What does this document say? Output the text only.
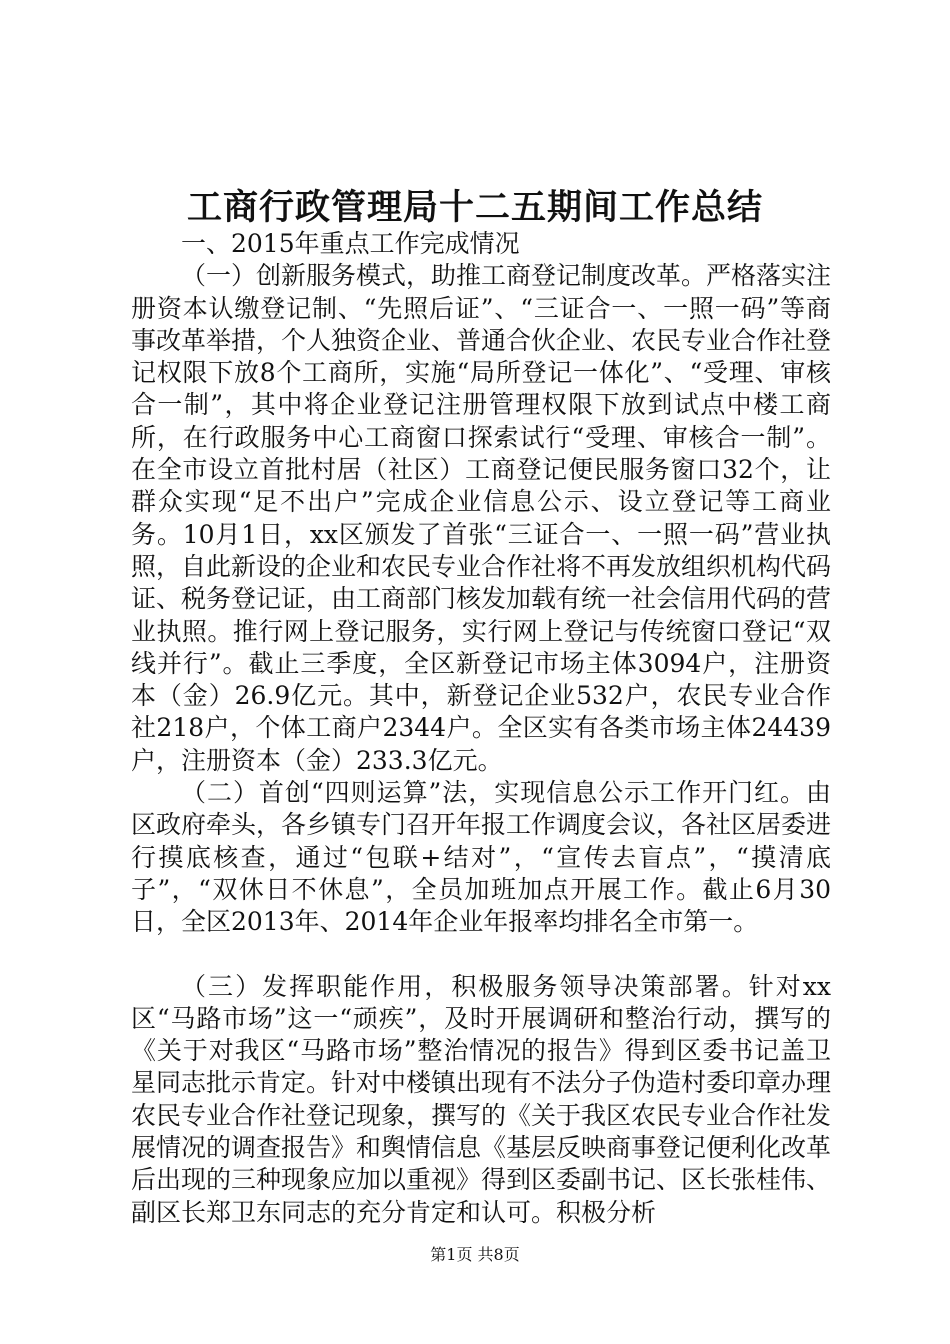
工商行政管理局十二五期间工作总结

一、2015年重点工作完成情况

（一）创新服务模式，助推工商登记制度改革。严格落实注册资本认缴登记制、“先照后证”、“三证合一、一照一码”等商事改革举措，个人独资企业、普通合伙企业、农民专业合作社登记权限下放8个工商所，实施“局所登记一体化”、“受理、审核合一制”，其中将企业登记注册管理权限下放到试点中楼工商所，在行政服务中心工商窗口探索试行“受理、审核合一制”。在全市设立首批村居（社区）工商登记便民服务窗口32个，让群众实现“足不出户”完成企业信息公示、设立登记等工商业务。10月1日，xx区颁发了首张“三证合一、一照一码”营业执照，自此新设的企业和农民专业合作社将不再发放组织机构代码证、税务登记证，由工商部门核发加载有统一社会信用代码的营业执照。推行网上登记服务，实行网上登记与传统窗口登记“双线并行”。截止三季度，全区新登记市场主体3094户，注册资本（金）26.9亿元。其中，新登记企业532户，农民专业合作社218户，个体工商户2344户。全区实有各类市场主体24439户，注册资本（金）233.3亿元。

（二）首创“四则运算”法，实现信息公示工作开门红。由区政府牵头，各乡镇专门召开年报工作调度会议，各社区居委进行摸底核查，通过“包联+结对”，“宣传去盲点”，“摸清底子”，“双休日不休息”，全员加班加点开展工作。截止6月30日，全区2013年、2014年企业年报率均排名全市第一。

（三）发挥职能作用，积极服务领导决策部署。针对xx区“马路市场”这一“顽疾”，及时开展调研和整治行动，撰写的《关于对我区“马路市场”整治情况的报告》得到区委书记盖卫星同志批示肯定。针对中楼镇出现有不法分子伪造村委印章办理农民专业合作社登记现象，撰写的《关于我区农民专业合作社发展情况的调查报告》和舆情信息《基层反映商事登记便利化改革后出现的三种现象应加以重视》得到区委副书记、区长张桂伟、副区长郑卫东同志的充分肯定和认可。积极分析

第1页 共8页
